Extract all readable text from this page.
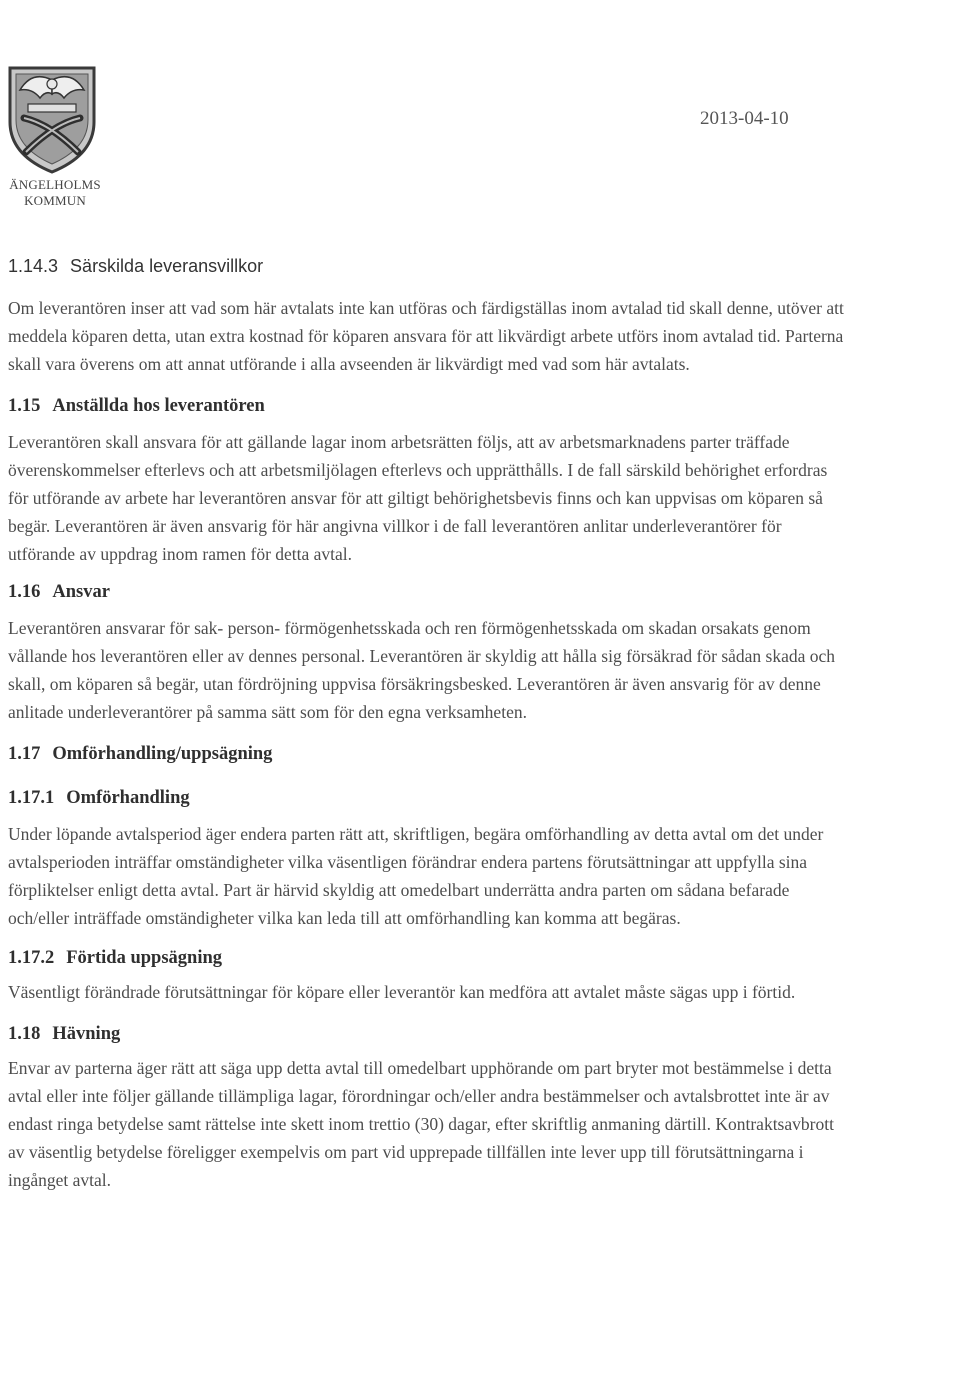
ÄNGELHOLMS
KOMMUN
2013-04-10
1.14.3 Särskilda leveransvillkor

Om leverantören inser att vad som här avtalats inte kan utföras och färdigställas inom avtalad tid skall denne, utöver att meddela köparen detta, utan extra kostnad för köparen ansvara för att likvärdigt arbete utförs inom avtalad tid. Parterna skall vara överens om att annat utförande i alla avseenden är likvärdigt med vad som här avtalats.

1.15 Anställda hos leverantören

Leverantören skall ansvara för att gällande lagar inom arbetsrätten följs, att av arbetsmarknadens parter träffade överenskommelser efterlevs och att arbetsmiljölagen efterlevs och upprätthålls. I de fall särskild behörighet erfordras för utförande av arbete har leverantören ansvar för att giltigt behörighetsbevis finns och kan uppvisas om köparen så begär. Leverantören är även ansvarig för här angivna villkor i de fall leverantören anlitar underleverantörer för utförande av uppdrag inom ramen för detta avtal.

1.16 Ansvar

Leverantören ansvarar för sak- person- förmögenhetsskada och ren förmögenhetsskada om skadan orsakats genom vållande hos leverantören eller av dennes personal. Leverantören är skyldig att hålla sig försäkrad för sådan skada och skall, om köparen så begär, utan fördröjning uppvisa försäkringsbesked. Leverantören är även ansvarig för av denne anlitade underleverantörer på samma sätt som för den egna verksamheten.

1.17 Omförhandling/uppsägning
1.17.1 Omförhandling

Under löpande avtalsperiod äger endera parten rätt att, skriftligen, begära omförhandling av detta avtal om det under avtalsperioden inträffar omständigheter vilka väsentligen förändrar endera partens förutsättningar att uppfylla sina förpliktelser enligt detta avtal. Part är härvid skyldig att omedelbart underrätta andra parten om sådana befarade och/eller inträffade omständigheter vilka kan leda till att omförhandling kan komma att begäras.

1.17.2 Förtida uppsägning

Väsentligt förändrade förutsättningar för köpare eller leverantör kan medföra att avtalet måste sägas upp i förtid.

1.18 Hävning

Envar av parterna äger rätt att säga upp detta avtal till omedelbart upphörande om part bryter mot bestämmelse i detta avtal eller inte följer gällande tillämpliga lagar, förordningar och/eller andra bestämmelser och avtalsbrottet inte är av endast ringa betydelse samt rättelse inte skett inom trettio (30) dagar, efter skriftlig anmaning därtill. Kontraktsavbrott av väsentlig betydelse föreligger exempelvis om part vid upprepade tillfällen inte lever upp till förutsättningarna i ingånget avtal.
